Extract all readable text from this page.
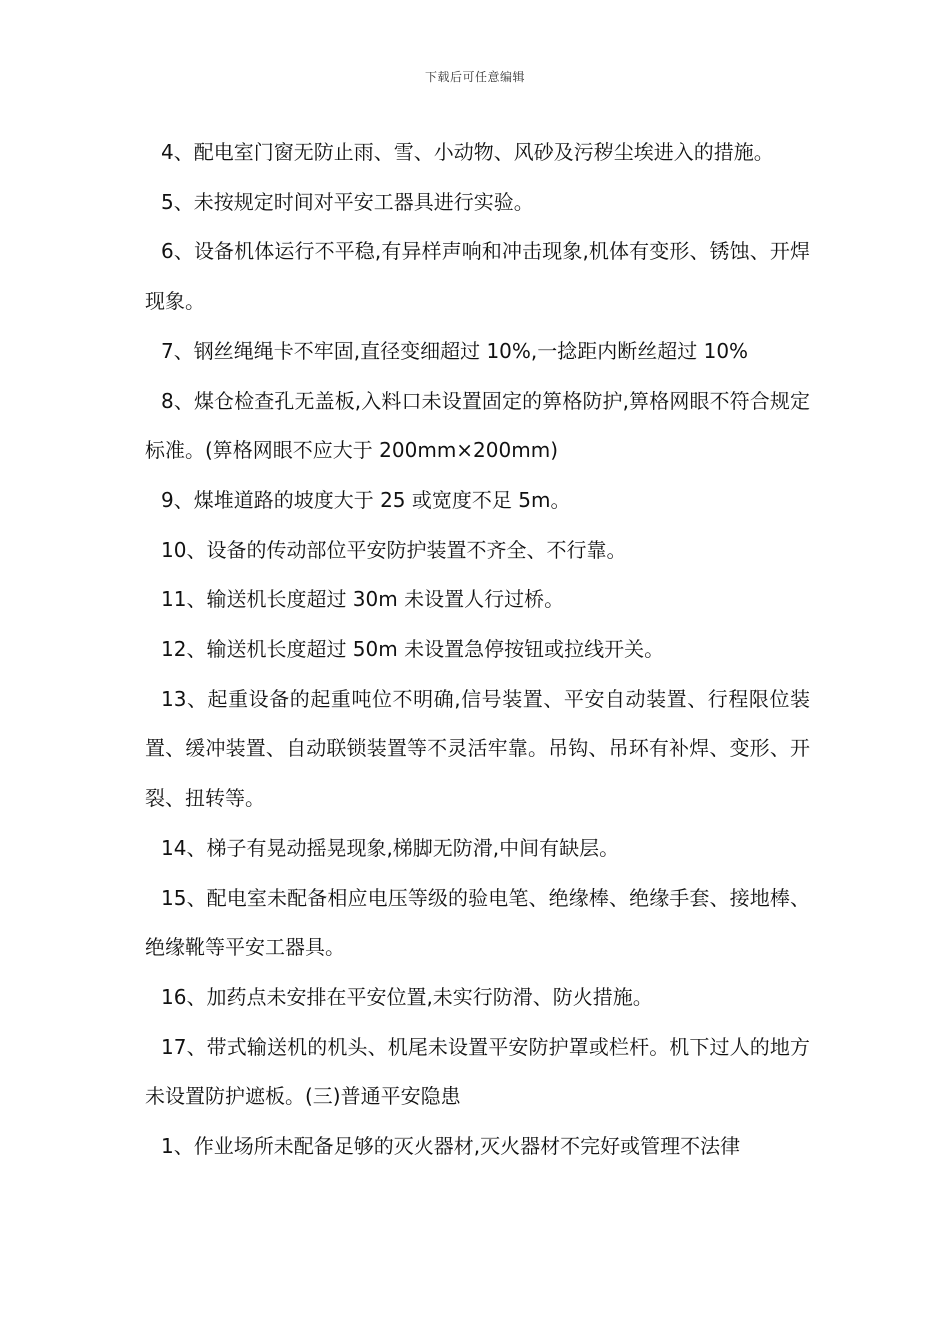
下载后可任意编辑

4、配电室门窗无防止雨、雪、小动物、风砂及污秽尘埃进入的措施。

5、未按规定时间对平安工器具进行实验。

6、设备机体运行不平稳,有异样声响和冲击现象,机体有变形、锈蚀、开焊现象。

7、钢丝绳绳卡不牢固,直径变细超过 10%,一捻距内断丝超过 10%

8、煤仓检查孔无盖板,入料口未设置固定的箅格防护,箅格网眼不符合规定标准。(箅格网眼不应大于 200mm×200mm)

9、煤堆道路的坡度大于 25 或宽度不足 5m。

10、设备的传动部位平安防护装置不齐全、不行靠。

11、输送机长度超过 30m 未设置人行过桥。

12、输送机长度超过 50m 未设置急停按钮或拉线开关。

13、起重设备的起重吨位不明确,信号装置、平安自动装置、行程限位装置、缓冲装置、自动联锁装置等不灵活牢靠。吊钩、吊环有补焊、变形、开裂、扭转等。

14、梯子有晃动摇晃现象,梯脚无防滑,中间有缺层。

15、配电室未配备相应电压等级的验电笔、绝缘棒、绝缘手套、接地棒、绝缘靴等平安工器具。

16、加药点未安排在平安位置,未实行防滑、防火措施。

17、带式输送机的机头、机尾未设置平安防护罩或栏杆。机下过人的地方未设置防护遮板。(三)普通平安隐患

1、作业场所未配备足够的灭火器材,灭火器材不完好或管理不法律
